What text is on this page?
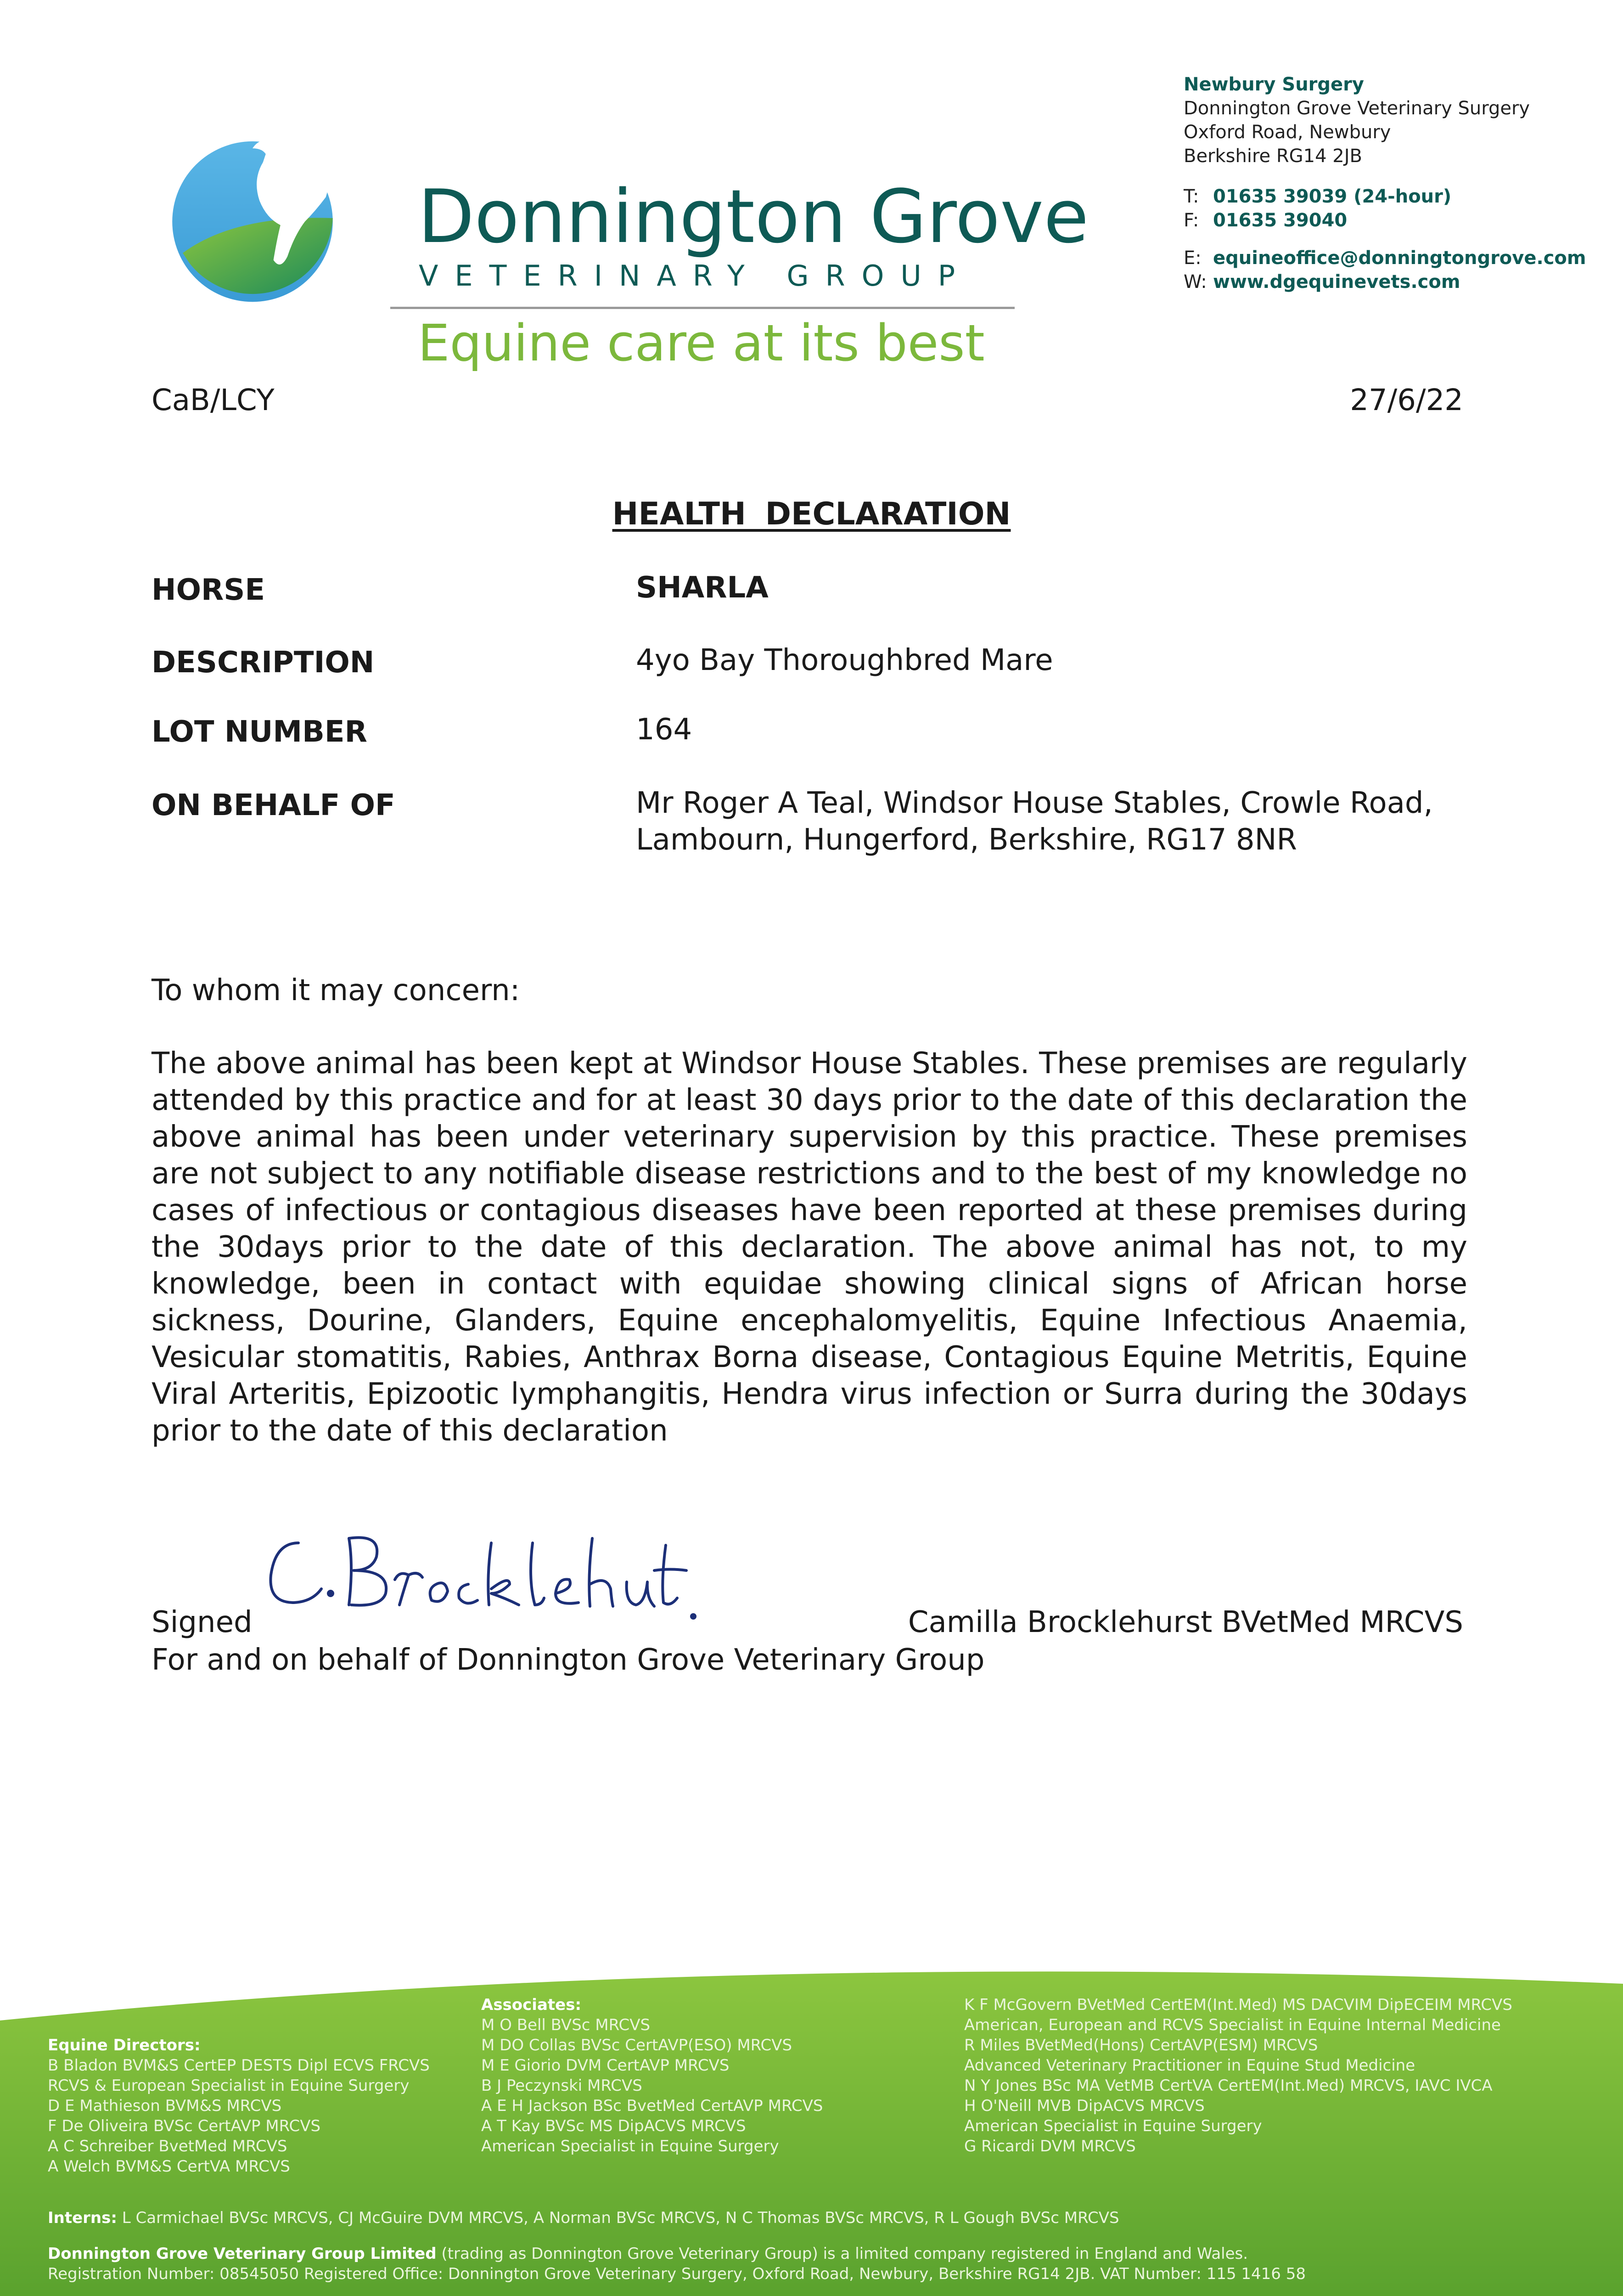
Donnington Grove
VETERINARY GROUP
Equine care at its best
Newbury Surgery
Donnington Grove Veterinary Surgery
Oxford Road, Newbury
Berkshire RG14 2JB
T: 01635 39039 (24-hour)
F: 01635 39040
E: equineoffice@donningtongrove.com
W: www.dgequinevets.com
CaB/LCY	27/6/22
HEALTH DECLARATION
HORSE	SHARLA
DESCRIPTION	4yo Bay Thoroughbred Mare
LOT NUMBER	164
ON BEHALF OF	Mr Roger A Teal, Windsor House Stables, Crowle Road, Lambourn, Hungerford, Berkshire, RG17 8NR
To whom it may concern:
The above animal has been kept at Windsor House Stables. These premises are regularly attended by this practice and for at least 30 days prior to the date of this declaration the above animal has been under veterinary supervision by this practice. These premises are not subject to any notifiable disease restrictions and to the best of my knowledge no cases of infectious or contagious diseases have been reported at these premises during the 30days prior to the date of this declaration. The above animal has not, to my knowledge, been in contact with equidae showing clinical signs of African horse sickness, Dourine, Glanders, Equine encephalomyelitis, Equine Infectious Anaemia, Vesicular stomatitis, Rabies, Anthrax Borna disease, Contagious Equine Metritis, Equine Viral Arteritis, Epizootic lymphangitis, Hendra virus infection or Surra during the 30days prior to the date of this declaration
Signed	Camilla Brocklehurst BVetMed MRCVS
For and on behalf of Donnington Grove Veterinary Group
Equine Directors:
B Bladon BVM&S CertEP DESTS Dipl ECVS FRCVS
RCVS & European Specialist in Equine Surgery
D E Mathieson BVM&S MRCVS
F De Oliveira BVSc CertAVP MRCVS
A C Schreiber BvetMed MRCVS
A Welch BVM&S CertVA MRCVS
Associates:
M O Bell BVSc MRCVS
M DO Collas BVSc CertAVP(ESO) MRCVS
M E Giorio DVM CertAVP MRCVS
B J Peczynski MRCVS
A E H Jackson BSc BvetMed CertAVP MRCVS
A T Kay BVSc MS DipACVS MRCVS
American Specialist in Equine Surgery
K F McGovern BVetMed CertEM(Int.Med) MS DACVIM DipECEIM MRCVS
American, European and RCVS Specialist in Equine Internal Medicine
R Miles BVetMed(Hons) CertAVP(ESM) MRCVS
Advanced Veterinary Practitioner in Equine Stud Medicine
N Y Jones BSc MA VetMB CertVA CertEM(Int.Med) MRCVS, IAVC IVCA
H O'Neill MVB DipACVS MRCVS
American Specialist in Equine Surgery
G Ricardi DVM MRCVS
Interns: L Carmichael BVSc MRCVS, CJ McGuire DVM MRCVS, A Norman BVSc MRCVS, N C Thomas BVSc MRCVS, R L Gough BVSc MRCVS
Donnington Grove Veterinary Group Limited (trading as Donnington Grove Veterinary Group) is a limited company registered in England and Wales.
Registration Number: 08545050 Registered Office: Donnington Grove Veterinary Surgery, Oxford Road, Newbury, Berkshire RG14 2JB. VAT Number: 115 1416 58
